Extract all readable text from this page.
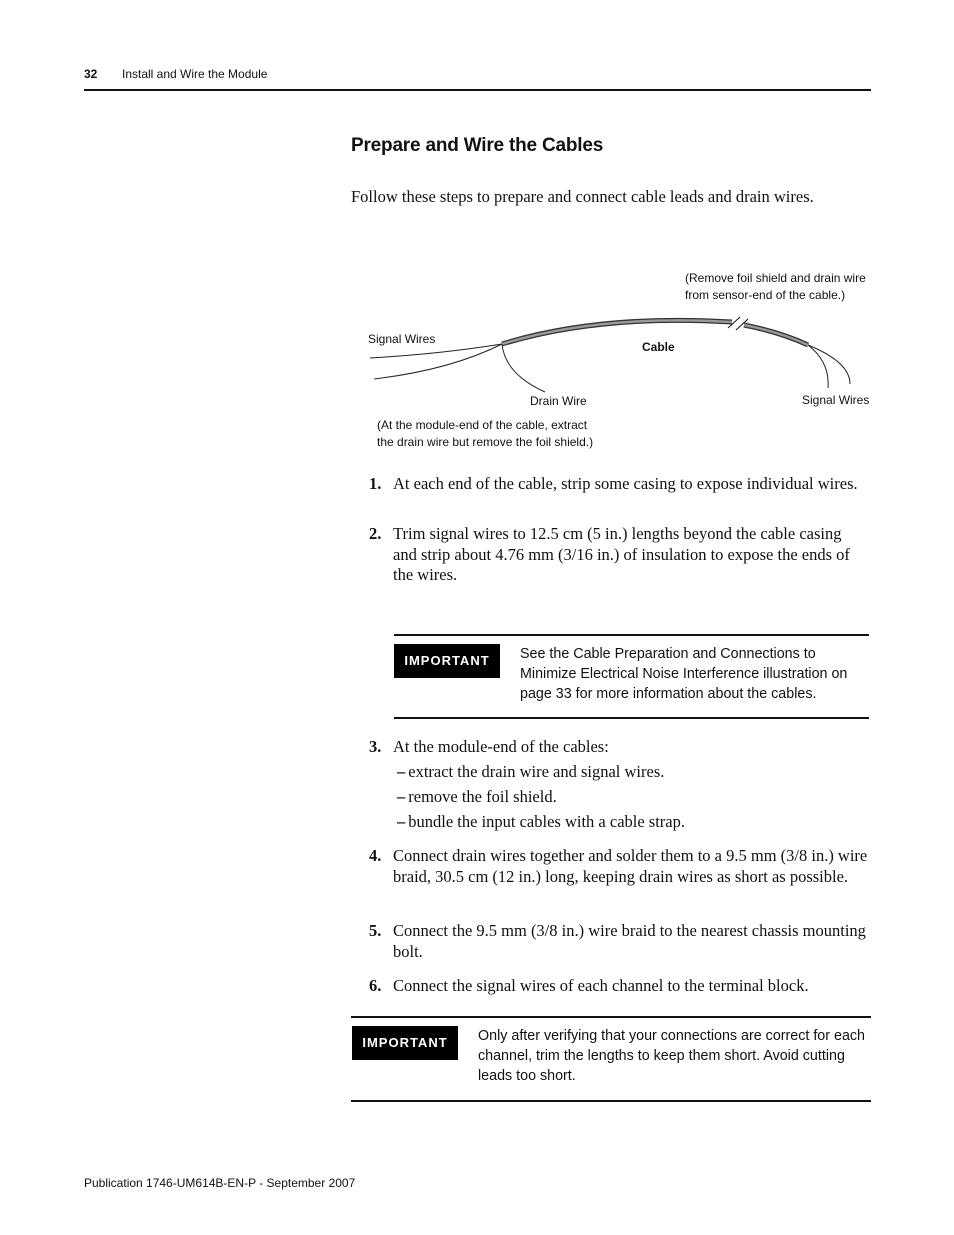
32 Install and Wire the Module
Prepare and Wire the Cables
Follow these steps to prepare and connect cable leads and drain wires.
(Remove foil shield and drain wire
from sensor-end of the cable.)
Signal Wires
Cable
Drain Wire	Signal Wires
(At the module-end of the cable, extract
the drain wire but remove the foil shield.)
1. At each end of the cable, strip some casing to expose individual wires.
2. Trim signal wires to 12.5 cm (5 in.) lengths beyond the cable casing and strip about 4.76 mm (3/16 in.) of insulation to expose the ends of the wires.
IMPORTANT	See the Cable Preparation and Connections to Minimize Electrical Noise Interference illustration on page 33 for more information about the cables.
3. At the module-end of the cables:
– extract the drain wire and signal wires.
– remove the foil shield.
– bundle the input cables with a cable strap.
4. Connect drain wires together and solder them to a 9.5 mm (3/8 in.) wire braid, 30.5 cm (12 in.) long, keeping drain wires as short as possible.
5. Connect the 9.5 mm (3/8 in.) wire braid to the nearest chassis mounting bolt.
6. Connect the signal wires of each channel to the terminal block.
IMPORTANT	Only after verifying that your connections are correct for each channel, trim the lengths to keep them short. Avoid cutting leads too short.
Publication 1746-UM614B-EN-P - September 2007
